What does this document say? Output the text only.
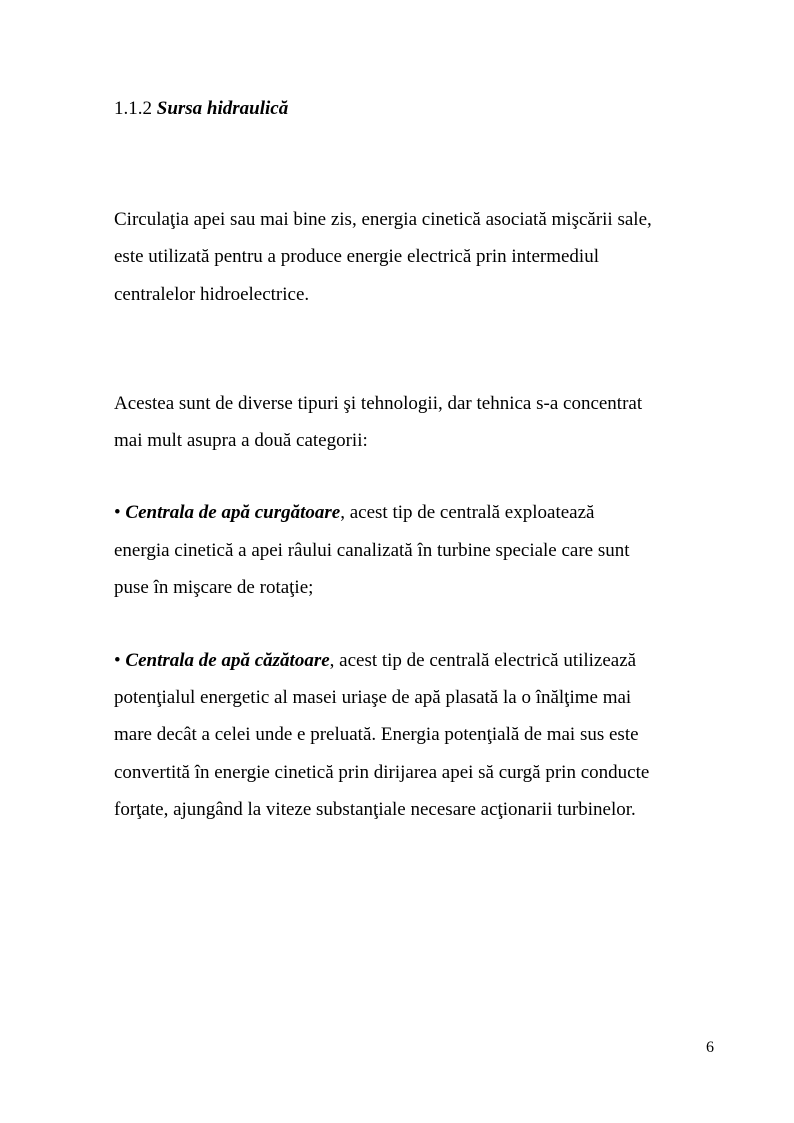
1.1.2 Sursa hidraulică
Circulaţia apei sau mai bine zis, energia cinetică asociată mişcării sale,
este utilizată pentru a produce energie electrică prin intermediul
centralelor hidroelectrice.
Acestea sunt de diverse tipuri şi tehnologii, dar tehnica s-a concentrat
mai mult asupra a două categorii:
• Centrala de apă curgătoare, acest tip de centrală exploatează
energia cinetică a apei râului canalizată în turbine speciale care sunt
puse în mişcare de rotaţie;
• Centrala de apă căzătoare, acest tip de centrală electrică utilizează
potenţialul energetic al masei uriaşe de apă plasată la o înălţime mai
mare decât a celei unde e preluată. Energia potenţială de mai sus este
convertită în energie cinetică prin dirijarea apei să curgă prin conducte
forţate, ajungând la viteze substanţiale necesare acţionarii turbinelor.
6
